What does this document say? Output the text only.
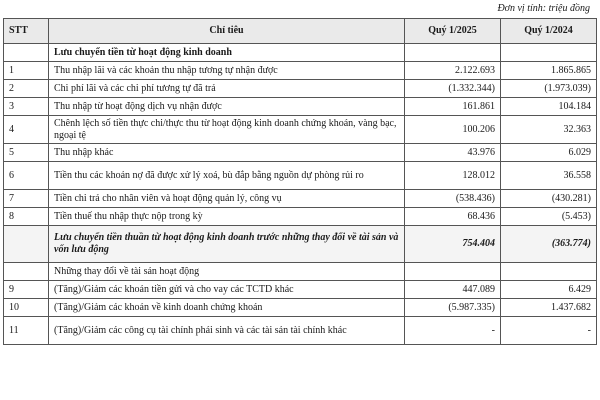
Đơn vị tính: triệu đồng
STT	Chỉ tiêu	Quý 1/2025	Quý 1/2024
	Lưu chuyển tiền từ hoạt động kinh doanh		
1	Thu nhập lãi và các khoản thu nhập tương tự nhận được	2.122.693	1.865.865
2	Chi phí lãi và các chi phí tương tự đã trả	(1.332.344)	(1.973.039)
3	Thu nhập từ hoạt động dịch vụ nhận được	161.861	104.184
4	Chênh lệch số tiền thực chi/thực thu từ hoạt động kinh doanh chứng khoán, vàng bạc, ngoại tệ	100.206	32.363
5	Thu nhập khác	43.976	6.029
6	Tiền thu các khoản nợ đã được xử lý xoá, bù đắp bằng nguồn dự phòng rủi ro	128.012	36.558
7	Tiền chi trả cho nhân viên và hoạt động quản lý, công vụ	(538.436)	(430.281)
8	Tiền thuế thu nhập thực nộp trong kỳ	68.436	(5.453)
	Lưu chuyển tiền thuần từ hoạt động kinh doanh trước những thay đổi về tài sản và vốn lưu động	754.404	(363.774)
	Những thay đổi về tài sản hoạt động		
9	(Tăng)/Giảm các khoản tiền gửi và cho vay các TCTD khác	447.089	6.429
10	(Tăng)/Giảm các khoản về kinh doanh chứng khoán	(5.987.335)	1.437.682
11	(Tăng)/Giảm các công cụ tài chính phái sinh và các tài sản tài chính khác	-	-
